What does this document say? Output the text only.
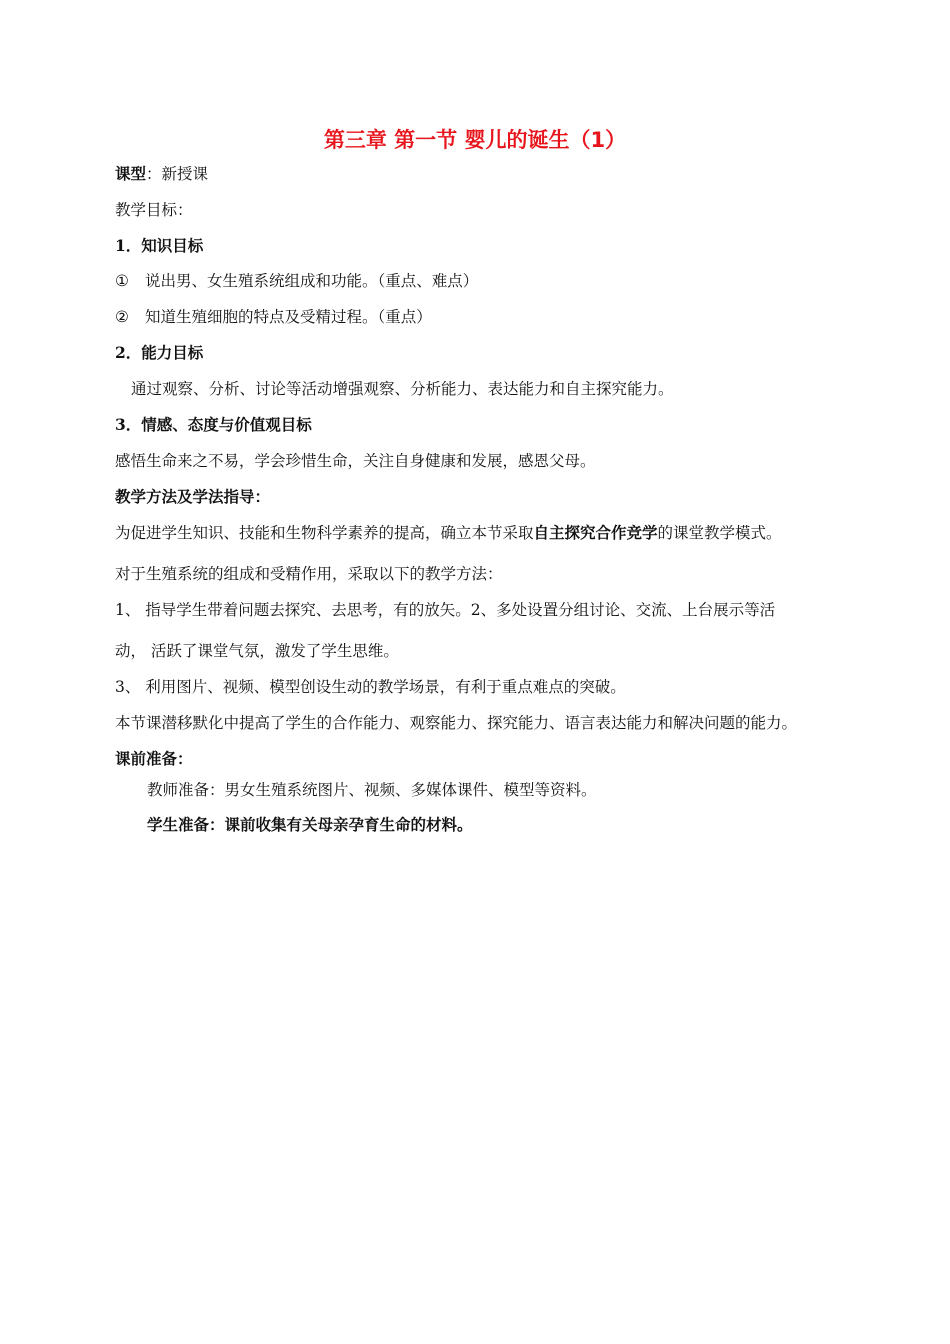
第三章 第一节 婴儿的诞生（1）
课型：新授课
教学目标：
1．知识目标
① 说出男、女生殖系统组成和功能。（重点、难点）
② 知道生殖细胞的特点及受精过程。（重点）
2．能力目标
通过观察、分析、讨论等活动增强观察、分析能力、表达能力和自主探究能力。
3．情感、态度与价值观目标
感悟生命来之不易，学会珍惜生命，关注自身健康和发展，感恩父母。
教学方法及学法指导：
为促进学生知识、技能和生物科学素养的提高，确立本节采取自主探究合作竞学的课堂教学模式。
对于生殖系统的组成和受精作用，采取以下的教学方法：
1、 指导学生带着问题去探究、去思考，有的放矢。2、多处设置分组讨论、交流、上台展示等活
动， 活跃了课堂气氛，激发了学生思维。
3、 利用图片、视频、模型创设生动的教学场景，有利于重点难点的突破。
本节课潜移默化中提高了学生的合作能力、观察能力、探究能力、语言表达能力和解决问题的能力。
课前准备：
教师准备：男女生殖系统图片、视频、多媒体课件、模型等资料。
学生准备：课前收集有关母亲孕育生命的材料。
